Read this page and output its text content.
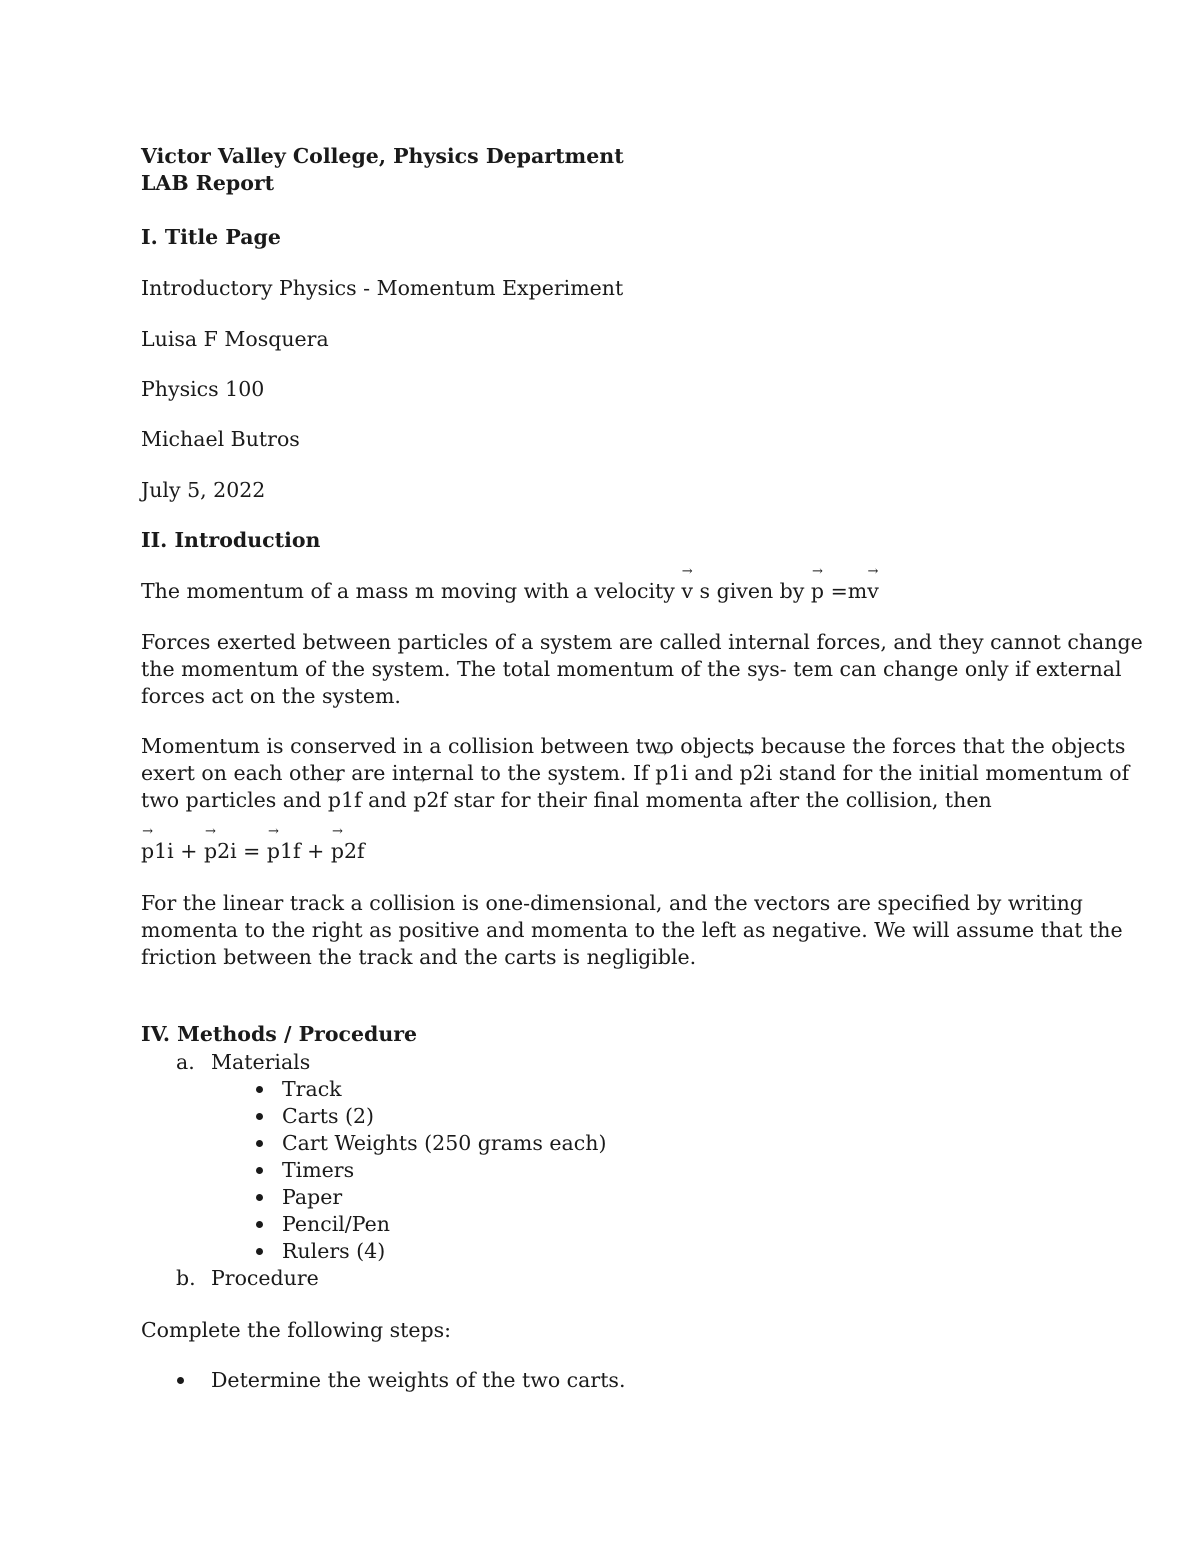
Victor Valley College, Physics Department
LAB Report
I. Title Page
Introductory Physics - Momentum Experiment
Luisa F Mosquera
Physics 100
Michael Butros
July 5, 2022
II. Introduction
The momentum of a mass m moving with a velocity → v s given by → p =m→ v
Forces exerted between particles of a system are called internal forces, and they cannot change
the momentum of the system. The total momentum of the sys- tem can change only if external
forces act on the system.
Momentum is conserved in a collision between two objects because the forces that the objects
exert on each other are internal to the system. If → p1i and → p2i stand for the initial momentum of
two particles and → p1f and → p2f star for their final momenta after the collision, then
→ p1i + → p2i = → p1f + → p2f
For the linear track a collision is one-dimensional, and the vectors are specified by writing
momenta to the right as positive and momenta to the left as negative. We will assume that the
friction between the track and the carts is negligible.
IV. Methods / Procedure
a. Materials
Track
Carts (2)
Cart Weights (250 grams each)
Timers
Paper
Pencil/Pen
Rulers (4)
b. Procedure
Complete the following steps:
Determine the weights of the two carts.
